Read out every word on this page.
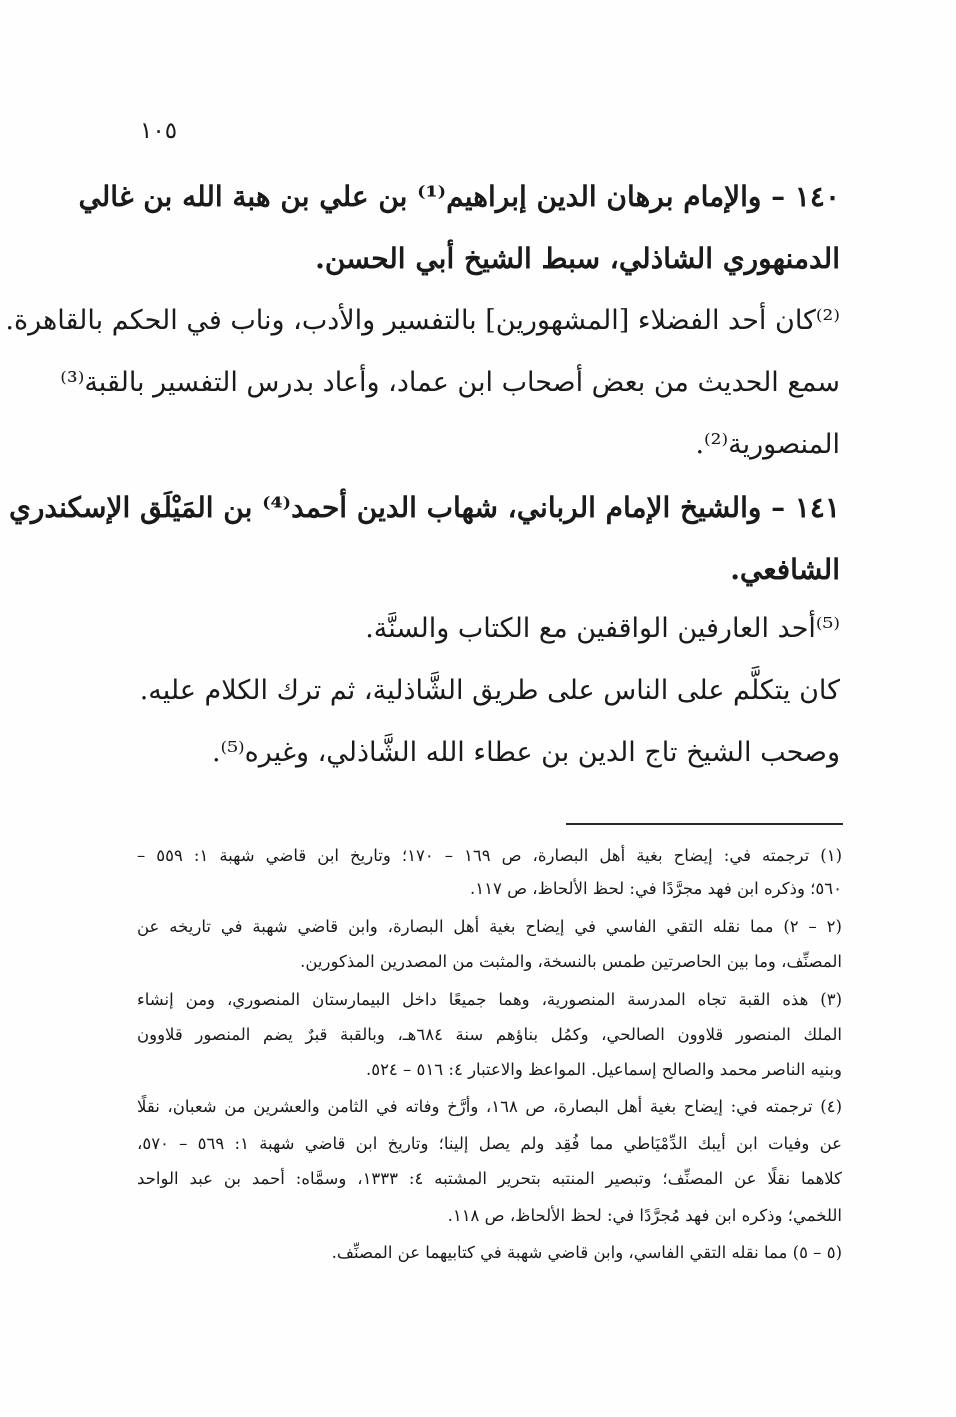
١٠٥
١٤٠ – والإمام برهان الدين إبراهيم⁽¹⁾ بن علي بن هبة الله بن غالي
الدمنهوري الشاذلي، سبط الشيخ أبي الحسن.
⁽²⁾كان أحد الفضلاء [المشهورين] بالتفسير والأدب، وناب في الحكم بالقاهرة.
سمع الحديث من بعض أصحاب ابن عماد، وأعاد بدرس التفسير بالقبة⁽³⁾
المنصورية⁽²⁾.
١٤١ – والشيخ الإمام الرباني، شهاب الدين أحمد⁽⁴⁾ بن المَيْلَق الإسكندري
الشافعي.
⁽⁵⁾أحد العارفين الواقفين مع الكتاب والسنَّة.
كان يتكلَّم على الناس على طريق الشَّاذلية، ثم ترك الكلام عليه.
وصحب الشيخ تاج الدين بن عطاء الله الشَّاذلي، وغيره⁽⁵⁾.
(١) ترجمته في: إيضاح بغية أهل البصارة، ص ١٦٩ – ١٧٠؛ وتاريخ ابن قاضي شهبة ١: ٥٥٩ –
٥٦٠؛ وذكره ابن فهد مجرَّدًا في: لحظ الألحاظ، ص ١١٧.
(٢ – ٢) مما نقله التقي الفاسي في إيضاح بغية أهل البصارة، وابن قاضي شهبة في تاريخه عن
المصنِّف، وما بين الحاصرتين طمس بالنسخة، والمثبت من المصدرين المذكورين.
(٣) هذه القبة تجاه المدرسة المنصورية، وهما جميعًا داخل البيمارستان المنصوري، ومن إنشاء
الملك المنصور قلاوون الصالحي، وكمُل بناؤهم سنة ٦٨٤هـ، وبالقبة قبرٌ يضم المنصور قلاوون
وبنيه الناصر محمد والصالح إسماعيل. المواعظ والاعتبار ٤: ٥١٦ – ٥٢٤.
(٤) ترجمته في: إيضاح بغية أهل البصارة، ص ١٦٨، وأرَّخ وفاته في الثامن والعشرين من شعبان، نقلًا
عن وفيات ابن أيبك الدِّمْيَاطي مما فُقِد ولم يصل إلينا؛ وتاريخ ابن قاضي شهبة ١: ٥٦٩ – ٥٧٠،
كلاهما نقلًا عن المصنِّف؛ وتبصير المنتبه بتحرير المشتبه ٤: ١٣٣٣، وسمَّاه: أحمد بن عبد الواحد
اللخمي؛ وذكره ابن فهد مُجرَّدًا في: لحظ الألحاظ، ص ١١٨.
(٥ – ٥) مما نقله التقي الفاسي، وابن قاضي شهبة في كتابيهما عن المصنِّف.
